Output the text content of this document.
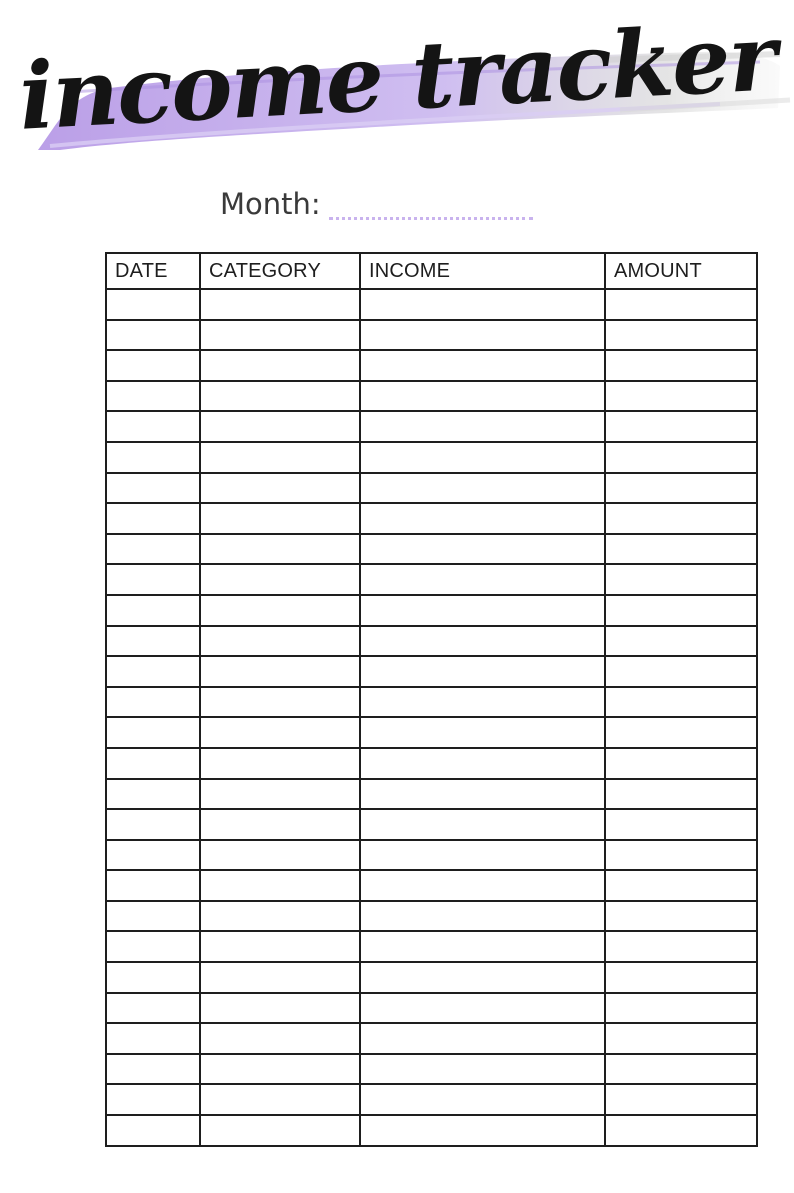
income tracker
Month:
DATE	CATEGORY	INCOME	AMOUNT
